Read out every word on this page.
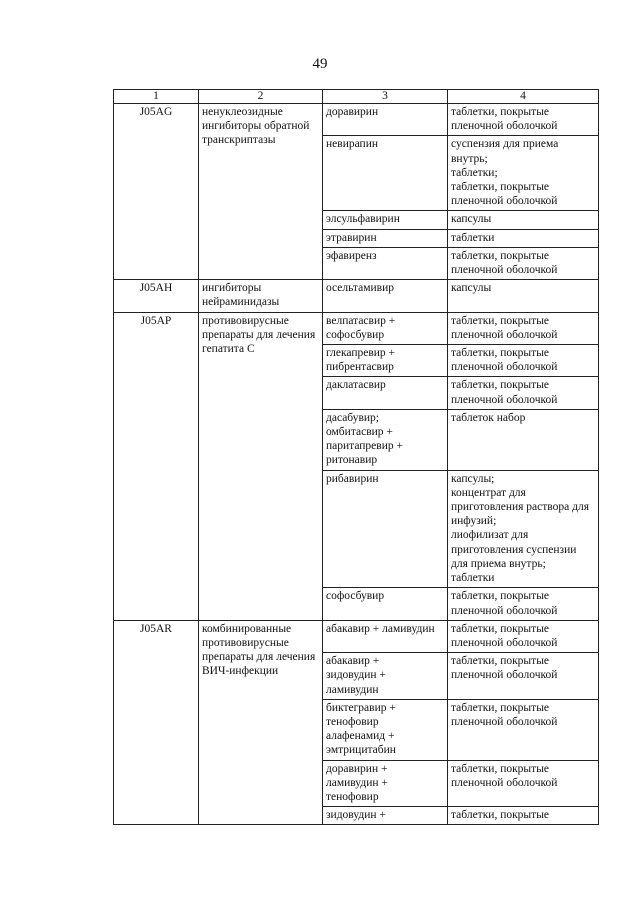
49
1	2	3	4
J05AG	ненуклеозидные ингибиторы обратной транскриптазы	доравирин	таблетки, покрытые пленочной оболочкой
		невирапин	суспензия для приема внутрь;
таблетки;
таблетки, покрытые пленочной оболочкой
		элсульфавирин	капсулы
		этравирин	таблетки
		эфавиренз	таблетки, покрытые пленочной оболочкой
J05AH	ингибиторы нейраминидазы	осельтамивир	капсулы
J05AP	противовирусные препараты для лечения гепатита C	велпатасвир + софосбувир	таблетки, покрытые пленочной оболочкой
		глекапревир + пибрентасвир	таблетки, покрытые пленочной оболочкой
		даклатасвир	таблетки, покрытые пленочной оболочкой
		дасабувир;
омбитасвир +
паритапревир +
ритонавир	таблеток набор
		рибавирин	капсулы;
концентрат для приготовления раствора для инфузий;
лиофилизат для приготовления суспензии для приема внутрь;
таблетки
		софосбувир	таблетки, покрытые пленочной оболочкой
J05AR	комбинированные противовирусные препараты для лечения ВИЧ-инфекции	абакавир + ламивудин	таблетки, покрытые пленочной оболочкой
		абакавир +
зидовудин +
ламивудин	таблетки, покрытые пленочной оболочкой
		биктегравир +
тенофовир
алафенамид +
эмтрицитабин	таблетки, покрытые пленочной оболочкой
		доравирин +
ламивудин +
тенофовир	таблетки, покрытые пленочной оболочкой
		зидовудин +	таблетки, покрытые
